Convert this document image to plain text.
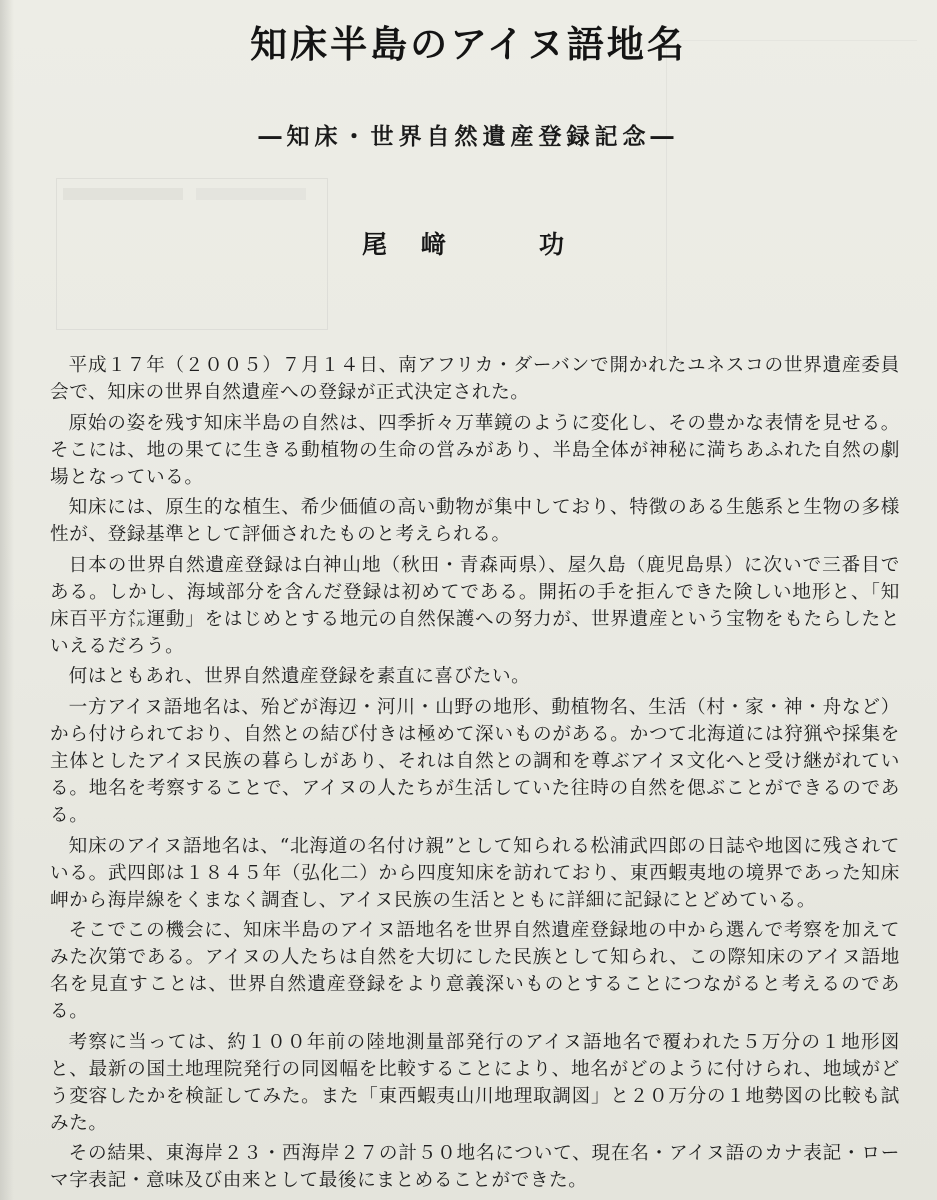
知床半島のアイヌ語地名
―知床・世界自然遺産登録記念―
尾﨑　功

平成１７年（２００５）７月１４日、南アフリカ・ダーバンで開かれたユネスコの世界遺産委員会で、知床の世界自然遺産への登録が正式決定された。

原始の姿を残す知床半島の自然は、四季折々万華鏡のように変化し、その豊かな表情を見せる。そこには、地の果てに生きる動植物の生命の営みがあり、半島全体が神秘に満ちあふれた自然の劇場となっている。

知床には、原生的な植生、希少価値の高い動物が集中しており、特徴のある生態系と生物の多様性が、登録基準として評価されたものと考えられる。

日本の世界自然遺産登録は白神山地（秋田・青森両県）、屋久島（鹿児島県）に次いで三番目である。しかし、海域部分を含んだ登録は初めてである。開拓の手を拒んできた険しい地形と、「知床百平方㍍運動」をはじめとする地元の自然保護への努力が、世界遺産という宝物をもたらしたといえるだろう。

何はともあれ、世界自然遺産登録を素直に喜びたい。

一方アイヌ語地名は、殆どが海辺・河川・山野の地形、動植物名、生活（村・家・神・舟など）から付けられており、自然との結び付きは極めて深いものがある。かつて北海道には狩猟や採集を主体としたアイヌ民族の暮らしがあり、それは自然との調和を尊ぶアイヌ文化へと受け継がれている。地名を考察することで、アイヌの人たちが生活していた往時の自然を偲ぶことができるのである。

知床のアイヌ語地名は、“北海道の名付け親”として知られる松浦武四郎の日誌や地図に残されている。武四郎は１８４５年（弘化二）から四度知床を訪れており、東西蝦夷地の境界であった知床岬から海岸線をくまなく調査し、アイヌ民族の生活とともに詳細に記録にとどめている。

そこでこの機会に、知床半島のアイヌ語地名を世界自然遺産登録地の中から選んで考察を加えてみた次第である。アイヌの人たちは自然を大切にした民族として知られ、この際知床のアイヌ語地名を見直すことは、世界自然遺産登録をより意義深いものとすることにつながると考えるのである。

考察に当っては、約１００年前の陸地測量部発行のアイヌ語地名で覆われた５万分の１地形図と、最新の国土地理院発行の同図幅を比較することにより、地名がどのように付けられ、地域がどう変容したかを検証してみた。また「東西蝦夷山川地理取調図」と２０万分の１地勢図の比較も試みた。

その結果、東海岸２３・西海岸２７の計５０地名について、現在名・アイヌ語のカナ表記・ローマ字表記・意味及び由来として最後にまとめることができた。
